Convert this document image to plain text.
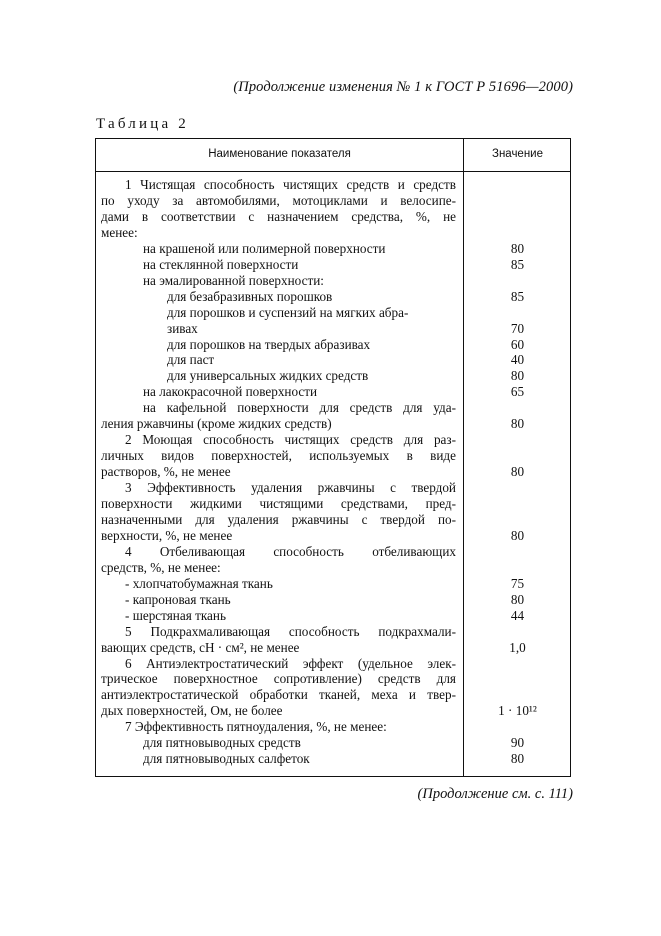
(Продолжение изменения № 1 к ГОСТ Р 51696—2000)
Таблица 2
Наименование показателя	Значение
1 Чистящая способность чистящих средств и средств
по уходу за автомобилями, мотоциклами и велосипе-
дами в соответствии с назначением средства, %, не
менее:
на крашеной или полимерной поверхности	80
на стеклянной поверхности	85
на эмалированной поверхности:
для безабразивных порошков	85
для порошков и суспензий на мягких абра-
зивах	70
для порошков на твердых абразивах	60
для паст	40
для универсальных жидких средств	80
на лакокрасочной поверхности	65
на кафельной поверхности для средств для уда-
ления ржавчины (кроме жидких средств)	80
2 Моющая способность чистящих средств для раз-
личных видов поверхностей, используемых в виде
растворов, %, не менее	80
3 Эффективность удаления ржавчины с твердой
поверхности жидкими чистящими средствами, пред-
назначенными для удаления ржавчины с твердой по-
верхности, %, не менее	80
4 Отбеливающая способность отбеливающих
средств, %, не менее:
- хлопчатобумажная ткань	75
- капроновая ткань	80
- шерстяная ткань	44
5 Подкрахмаливающая способность подкрахмали-
вающих средств, сН · см², не менее	1,0
6 Антиэлектростатический эффект (удельное элек-
трическое поверхностное сопротивление) средств для
антиэлектростатической обработки тканей, меха и твер-
дых поверхностей, Ом, не более	1 · 10¹²
7 Эффективность пятноудаления, %, не менее:
для пятновыводных средств	90
для пятновыводных салфеток	80
(Продолжение см. с. 111)
